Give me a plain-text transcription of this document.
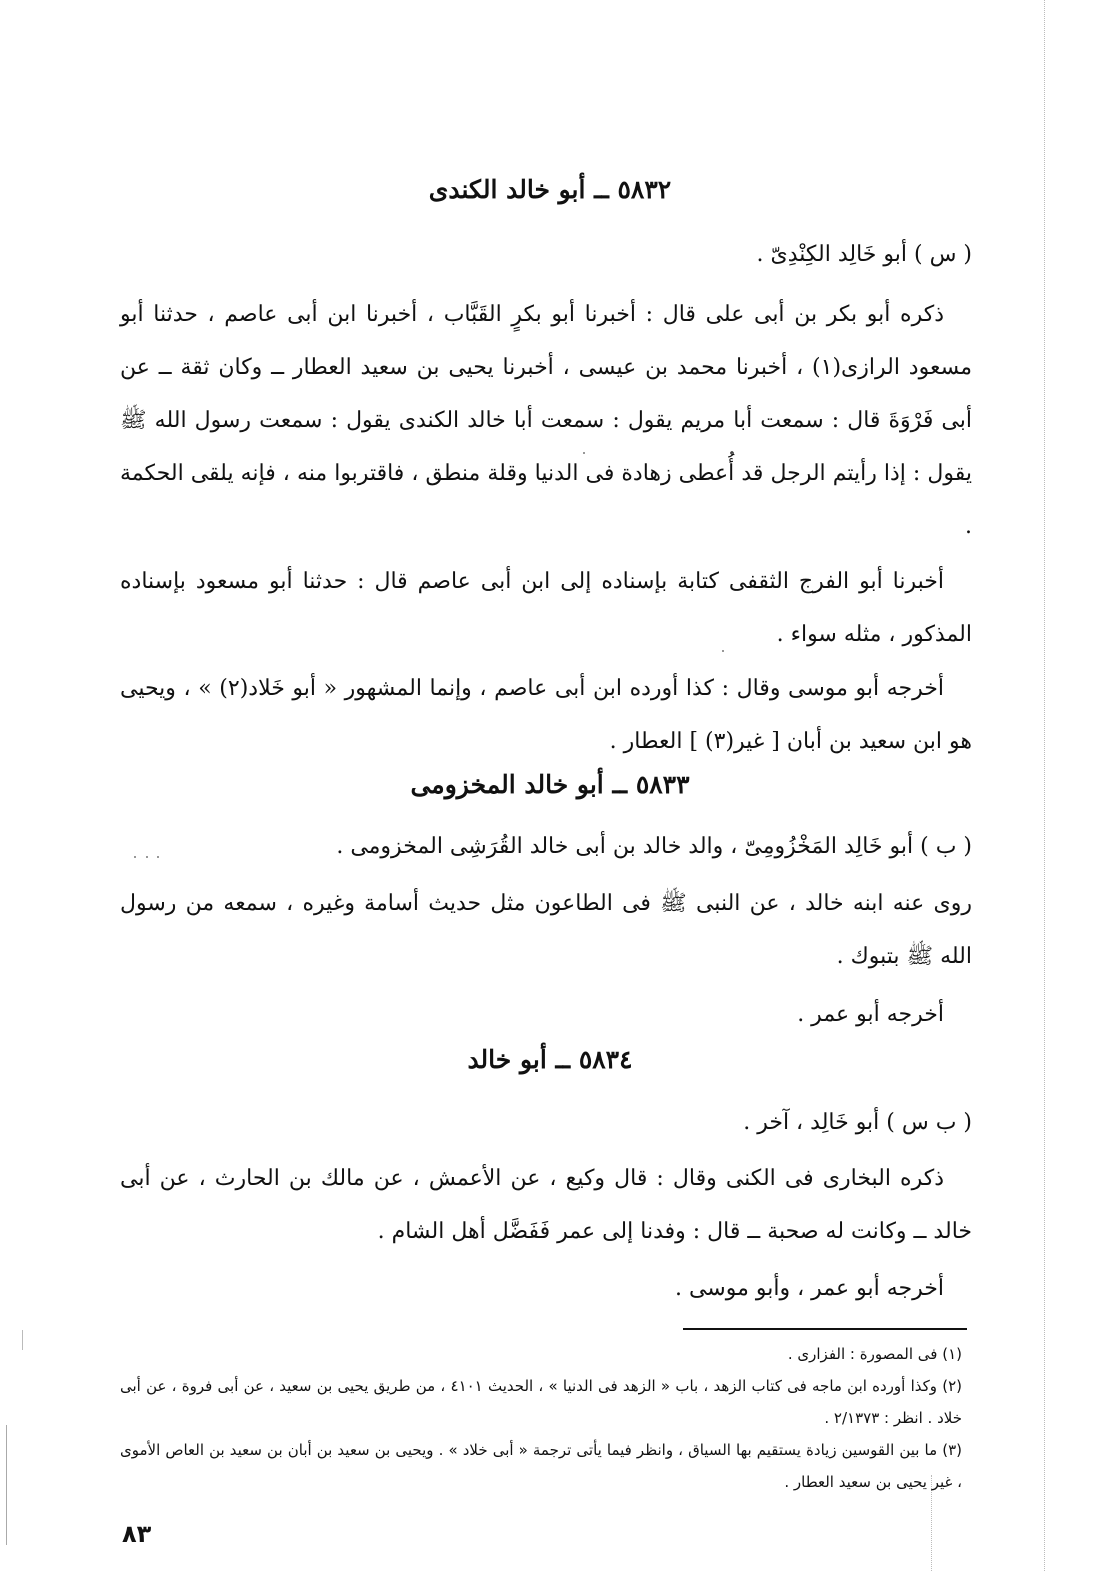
٥٨٣٢ ــ أبو خالد الكندى
( س ) أبو خَالِد الكِنْدِىّ .
ذكره أبو بكر بن أبى على قال : أخبرنا أبو بكرٍ القَبَّاب ، أخبرنا ابن أبى عاصم ، حدثنا أبو مسعود الرازى(١) ، أخبرنا محمد بن عيسى ، أخبرنا يحيى بن سعيد العطار ــ وكان ثقة ــ عن أبى فَرْوَةَ قال : سمعت أبا مريم يقول : سمعت أبا خالد الكندى يقول : سمعت رسول الله ﷺ يقول : إذا رأيتم الرجل قد أُعطى زهادة فى الدنيا وقلة منطق ، فاقتربوا منه ، فإنه يلقى الحكمة .
أخبرنا أبو الفرج الثقفى كتابة بإسناده إلى ابن أبى عاصم قال : حدثنا أبو مسعود بإسناده المذكور ، مثله سواء .
أخرجه أبو موسى وقال : كذا أورده ابن أبى عاصم ، وإنما المشهور « أبو خَلاد(٢) » ، ويحيى هو ابن سعيد بن أبان [ غير(٣) ] العطار .
٥٨٣٣ ــ أبو خالد المخزومى
( ب ) أبو خَالِد المَخْزُومِىّ ، والد خالد بن أبى خالد القُرَشِى المخزومى .
روى عنه ابنه خالد ، عن النبى ﷺ فى الطاعون مثل حديث أسامة وغيره ، سمعه من رسول الله ﷺ بتبوك .
أخرجه أبو عمر .
٥٨٣٤ ــ أبو خالد
( ب س ) أبو خَالِد ، آخر .
ذكره البخارى فى الكنى وقال : قال وكيع ، عن الأعمش ، عن مالك بن الحارث ، عن أبى خالد ــ وكانت له صحبة ــ قال : وفدنا إلى عمر فَفَضَّل أهل الشام .
أخرجه أبو عمر ، وأبو موسى .
(١) فى المصورة : الفزارى .
(٢) وكذا أورده ابن ماجه فى كتاب الزهد ، باب « الزهد فى الدنيا » ، الحديث ٤١٠١ ، من طريق يحيى بن سعيد ، عن أبى فروة ، عن أبى خلاد . انظر : ٢/١٣٧٣ .
(٣) ما بين القوسين زيادة يستقيم بها السياق ، وانظر فيما يأتى ترجمة « أبى خلاد » . ويحيى بن سعيد بن أبان بن سعيد بن العاص الأموى ، غير يحيى بن سعيد العطار .
٨٣
